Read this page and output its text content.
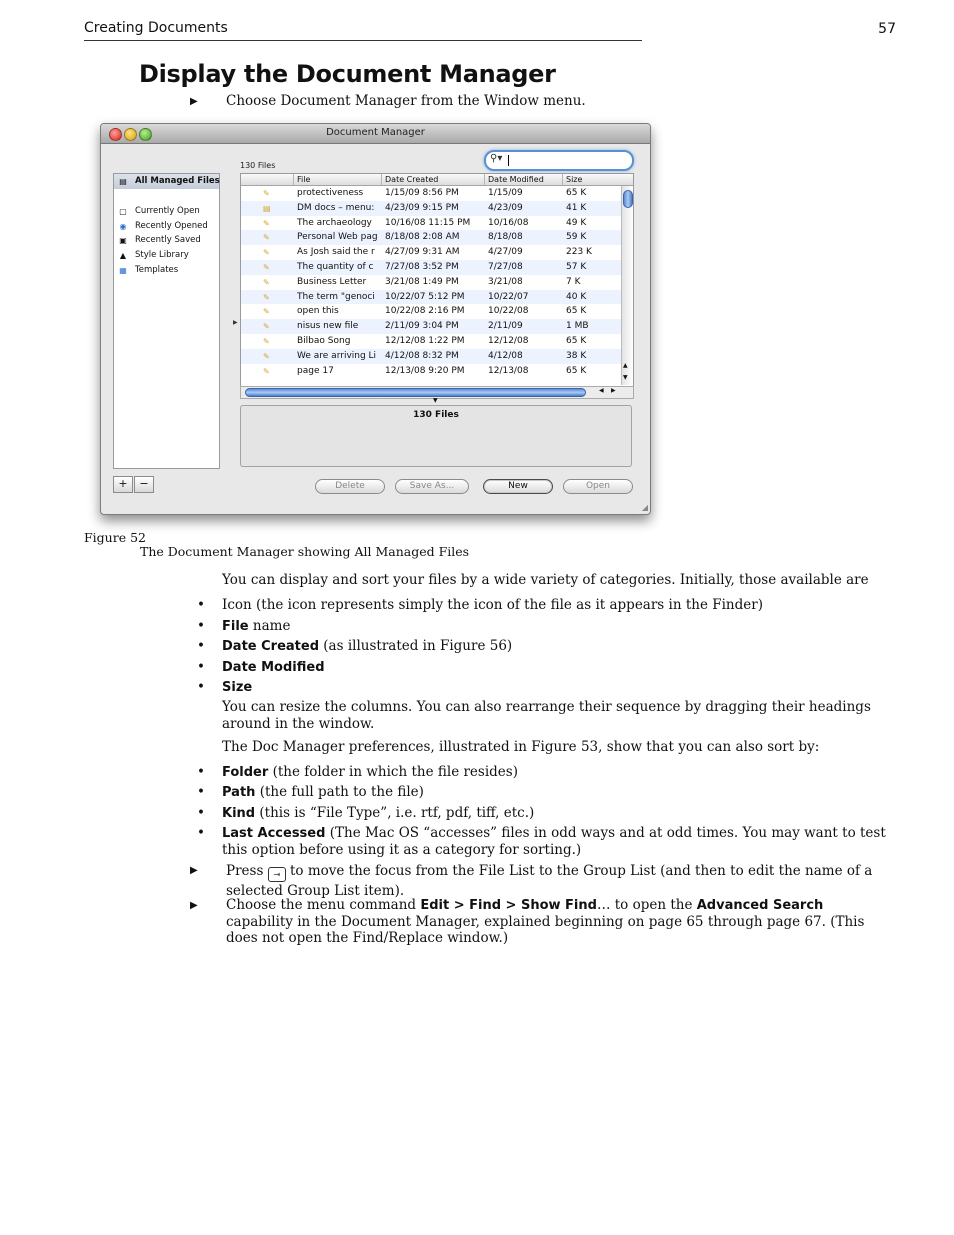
Creating Documents	57
Display the Document Manager
▶ Choose Document Manager from the Window menu.
Document Manager
130 Files
⚲▾
▤ All Managed Files
▢ Currently Open
◉ Recently Opened
▣ Recently Saved
▲ Style Library
▦ Templates
▶
File	Date Created	Date Modified	Size
✎	protectiveness	1/15/09 8:56 PM	1/15/09	65 K
▤	DM docs – menu:	4/23/09 9:15 PM	4/23/09	41 K
✎	The archaeology	10/16/08 11:15 PM	10/16/08	49 K
✎	Personal Web pag 8/18/08 2:08 AM	8/18/08	59 K
✎	As Josh said the r	4/27/09 9:31 AM	4/27/09	223 K
✎	The quantity of c	7/27/08 3:52 PM	7/27/08	57 K
✎	Business Letter	3/21/08 1:49 PM	3/21/08	7 K
✎	The term "genoci	10/22/07 5:12 PM	10/22/07	40 K
✎	open this	10/22/08 2:16 PM	10/22/08	65 K
✎	nisus new file	2/11/09 3:04 PM	2/11/09	1 MB
✎	Bilbao Song	12/12/08 1:22 PM	12/12/08	65 K
✎	We are arriving Li 4/12/08 8:32 PM	4/12/08	38 K
✎	page 17	12/13/08 9:20 PM	12/13/08	65 K
▲
▼
◀ ▶
▼
130 Files
+	−	Delete	Save As...	New	Open
◢
Figure 52
The Document Manager showing All Managed Files
You can display and sort your files by a wide variety of categories. Initially, those available are
• Icon (the icon represents simply the icon of the file as it appears in the Finder)
• File name
• Date Created (as illustrated in Figure 56)
• Date Modified
• Size
You can resize the columns. You can also rearrange their sequence by dragging their headings around in the window.
The Doc Manager preferences, illustrated in Figure 53, show that you can also sort by:
• Folder (the folder in which the file resides)
• Path (the full path to the file)
• Kind (this is “File Type”, i.e. rtf, pdf, tiff, etc.)
• Last Accessed (The Mac OS “accesses” files in odd ways and at odd times. You may want to test this option before using it as a category for sorting.)
▶ Press ⇥ to move the focus from the File List to the Group List (and then to edit the name of a selected Group List item).
▶ Choose the menu command Edit > Find > Show Find… to open the Advanced Search capability in the Document Manager, explained beginning on page 65 through page 67. (This does not open the Find/Replace window.)
